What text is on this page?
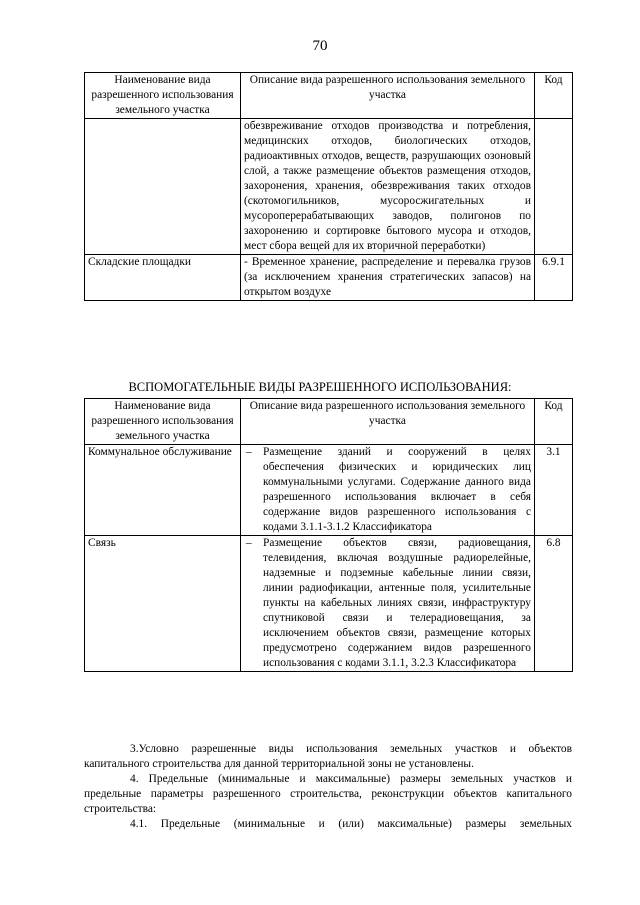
70
Наименование вида разрешенного использования земельного участка	Описание вида разрешенного использования земельного участка	Код
	обезвреживание отходов производства и потребления, медицинских отходов, биологических отходов, радиоактивных отходов, веществ, разрушающих озоновый слой, а также размещение объектов размещения отходов, захоронения, хранения, обезвреживания таких отходов (скотомогильников, мусоросжигательных и мусороперерабатывающих заводов, полигонов по захоронению и сортировке бытового мусора и отходов, мест сбора вещей для их вторичной переработки)	
Складские площадки	- Временное хранение, распределение и перевалка грузов (за исключением хранения стратегических запасов) на открытом воздухе	6.9.1
ВСПОМОГАТЕЛЬНЫЕ ВИДЫ РАЗРЕШЕННОГО ИСПОЛЬЗОВАНИЯ:
Наименование вида разрешенного использования земельного участка	Описание вида разрешенного использования земельного участка	Код
Коммунальное обслуживание	– Размещение зданий и сооружений в целях обеспечения физических и юридических лиц коммунальными услугами. Содержание данного вида разрешенного использования включает в себя содержание видов разрешенного использования с кодами 3.1.1-3.1.2 Классификатора	3.1
Связь	– Размещение объектов связи, радиовещания, телевидения, включая воздушные радиорелейные, надземные и подземные кабельные линии связи, линии радиофикации, антенные поля, усилительные пункты на кабельных линиях связи, инфраструктуру спутниковой связи и телерадиовещания, за исключением объектов связи, размещение которых предусмотрено содержанием видов разрешенного использования с кодами 3.1.1, 3.2.3 Классификатора	6.8

3.Условно разрешенные виды использования земельных участков и объектов капитального строительства для данной территориальной зоны не установлены.

4. Предельные (минимальные и максимальные) размеры земельных участков и предельные параметры разрешенного строительства, реконструкции объектов капитального строительства:

4.1. Предельные (минимальные и (или) максимальные) размеры земельных
